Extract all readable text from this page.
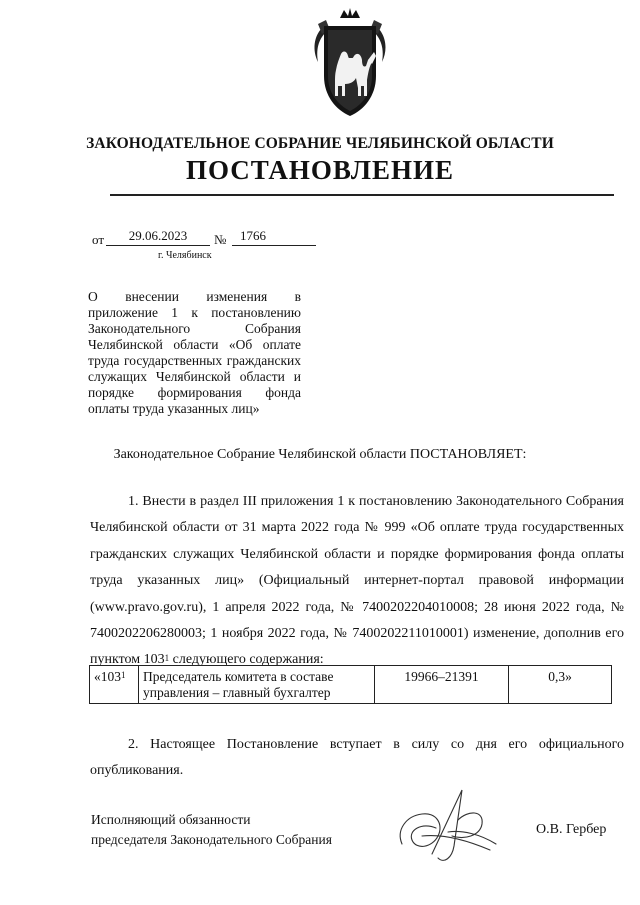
ЗАКОНОДАТЕЛЬНОЕ СОБРАНИЕ ЧЕЛЯБИНСКОЙ ОБЛАСТИ
ПОСТАНОВЛЕНИЕ
от	29.06.2023	№	1766
г. Челябинск
О внесении изменения в приложение 1 к постановлению Законодательного Собрания Челябинской области «Об оплате труда государственных гражданских служащих Челябинской области и порядке формирования фонда оплаты труда указанных лиц»
Законодательное Собрание Челябинской области ПОСТАНОВЛЯЕТ:
1. Внести в раздел III приложения 1 к постановлению Законодательного Собрания Челябинской области от 31 марта 2022 года № 999 «Об оплате труда государственных гражданских служащих Челябинской области и порядке формирования фонда оплаты труда указанных лиц» (Официальный интернет-портал правовой информации (www.pravo.gov.ru), 1 апреля 2022 года, № 7400202204010008; 28 июня 2022 года, № 7400202206280003; 1 ноября 2022 года, № 7400202211010001) изменение, дополнив его пунктом $103^1$ следующего содержания:
«$103^1$	Председатель комитета в составе управления – главный бухгалтер	19966–21391	0,3»
2. Настоящее Постановление вступает в силу со дня его официального опубликования.
Исполняющий обязанности
председателя Законодательного Собрания
О.В. Гербер
